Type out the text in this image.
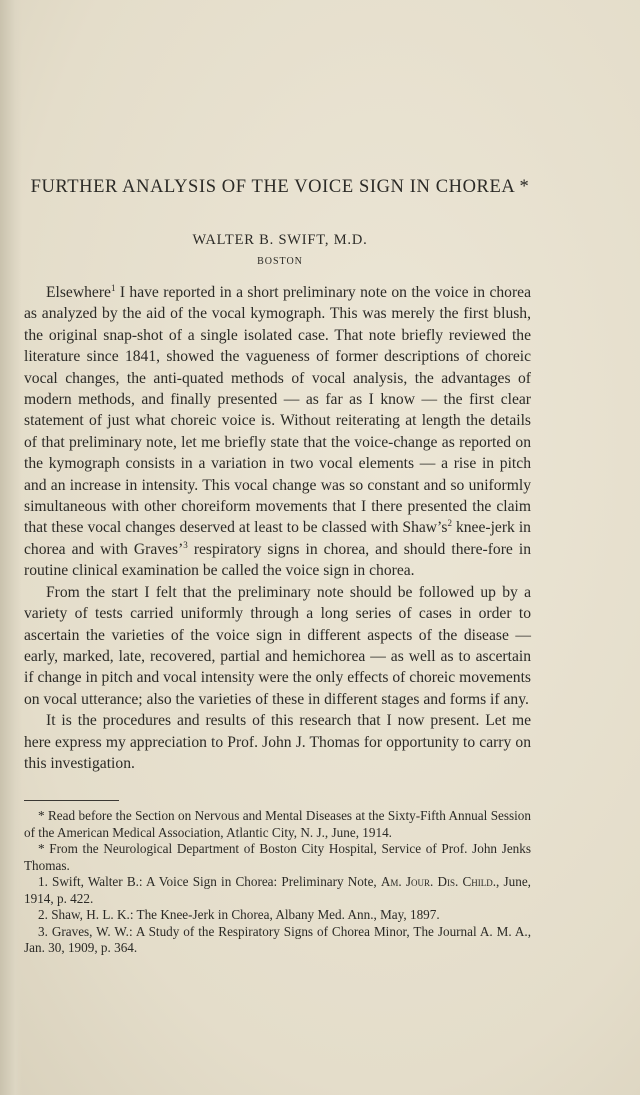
FURTHER ANALYSIS OF THE VOICE SIGN IN CHOREA *
WALTER B. SWIFT, M.D.
BOSTON

Elsewhere$^1$ I have reported in a short preliminary note on the voice in chorea as analyzed by the aid of the vocal kymograph. This was merely the first blush, the original snap-shot of a single isolated case. That note briefly reviewed the literature since 1841, showed the vagueness of former descriptions of choreic vocal changes, the anti-quated methods of vocal analysis, the advantages of modern methods, and finally presented — as far as I know — the first clear statement of just what choreic voice is. Without reiterating at length the details of that preliminary note, let me briefly state that the voice-change as reported on the kymograph consists in a variation in two vocal elements — a rise in pitch and an increase in intensity. This vocal change was so constant and so uniformly simultaneous with other choreiform movements that I there presented the claim that these vocal changes deserved at least to be classed with $Shaw’s^2$ knee-jerk in chorea and with Graves’$^3$ respiratory signs in chorea, and should there-fore in routine clinical examination be called the voice sign in chorea.

From the start I felt that the preliminary note should be followed up by a variety of tests carried uniformly through a long series of cases in order to ascertain the varieties of the voice sign in different aspects of the disease — early, marked, late, recovered, partial and hemichorea — as well as to ascertain if change in pitch and vocal intensity were the only effects of choreic movements on vocal utterance; also the varieties of these in different stages and forms if any.

It is the procedures and results of this research that I now present. Let me here express my appreciation to Prof. John J. Thomas for opportunity to carry on this investigation.

* Read before the Section on Nervous and Mental Diseases at the Sixty-Fifth Annual Session of the American Medical Association, Atlantic City, N. J., June, 1914.

* From the Neurological Department of Boston City Hospital, Service of Prof. John Jenks Thomas.

1. Swift, Walter B.: A Voice Sign in Chorea: Preliminary Note, Am. Jour. Dis. Child., June, 1914, p. 422.

2. Shaw, H. L. K.: The Knee-Jerk in Chorea, Albany Med. Ann., May, 1897.

3. Graves, W. W.: A Study of the Respiratory Signs of Chorea Minor, The Journal A. M. A., Jan. 30, 1909, p. 364.
